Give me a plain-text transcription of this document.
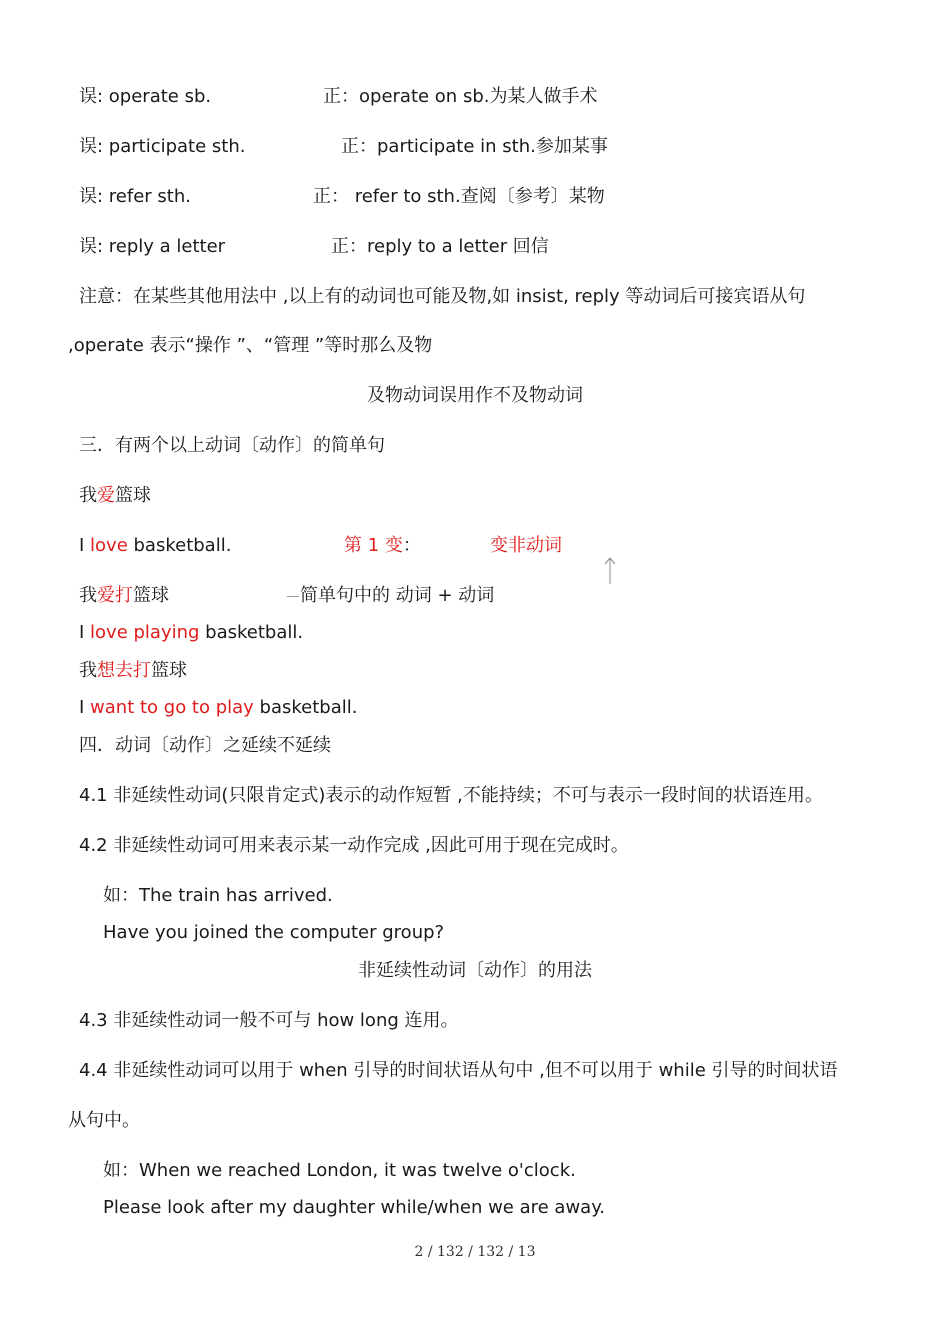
误: operate sb.	正：operate on sb.为某人做手术
误: participate sth.	正：participate in sth.参加某事
误: refer sth.	正： refer to sth.查阅〔参考〕某物
误: reply a letter	正：reply to a letter 回信
注意：在某些其他用法中 ,以上有的动词也可能及物,如 insist, reply 等动词后可接宾语从句
,operate 表示“操作 ”、“管理 ”等时那么及物
及物动词误用作不及物动词
三．有两个以上动词〔动作〕的简单句
我爱篮球
I love basketball.	第 1 变：	变非动词
我爱打篮球	简单句中的 动词 + 动词
I love playing basketball.
我想去打篮球
I want to go to play basketball.
四．动词〔动作〕之延续不延续
4.1 非延续性动词(只限肯定式)表示的动作短暂 ,不能持续；不可与表示一段时间的状语连用。
4.2 非延续性动词可用来表示某一动作完成 ,因此可用于现在完成时。
如：The train has arrived.
Have you joined the computer group?
非延续性动词〔动作〕的用法
4.3 非延续性动词一般不可与 how long 连用。
4.4 非延续性动词可以用于 when 引导的时间状语从句中 ,但不可以用于 while 引导的时间状语
从句中。
如：When we reached London, it was twelve o'clock.
Please look after my daughter while/when we are away.
2 / 132 / 132 / 13
